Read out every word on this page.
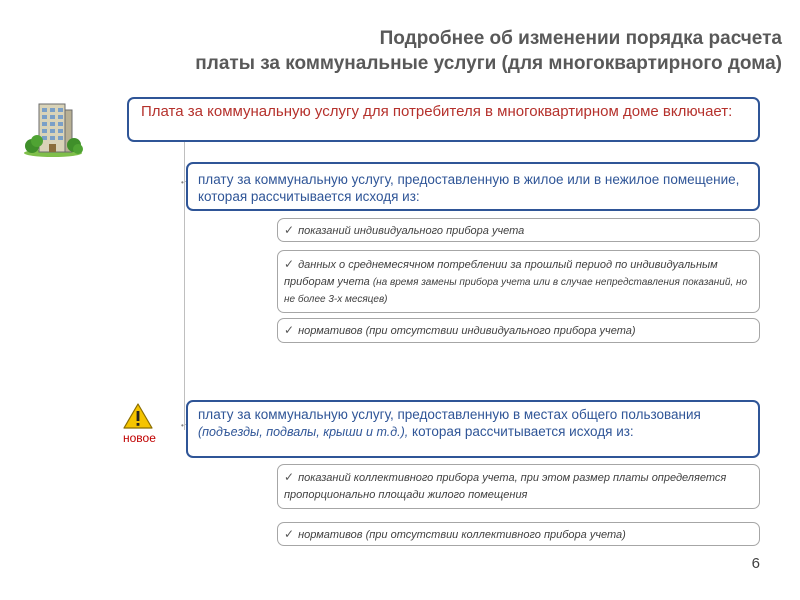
Подробнее об изменении порядка расчета
платы за коммунальные услуги (для многоквартирного дома)
•
•
Плата за коммунальную услугу для потребителя в многоквартирном доме включает:
плату за коммунальную услугу, предоставленную в жилое или в нежилое помещение, которая рассчитывается исходя из:
✓ показаний индивидуального прибора учета
✓ данных о среднемесячном потреблении за прошлый период по индивидуальным приборам учета (на время замены прибора учета или в случае непредставления показаний, но не более 3-х месяцев)
✓ нормативов (при отсутствии индивидуального прибора учета)
новое
плату за коммунальную услугу, предоставленную в местах общего пользования (подъезды, подвалы, крыши и т.д.), которая рассчитывается исходя из:
✓ показаний коллективного прибора учета, при этом размер платы определяется пропорционально площади жилого помещения
✓ нормативов (при отсутствии коллективного прибора учета)
6
